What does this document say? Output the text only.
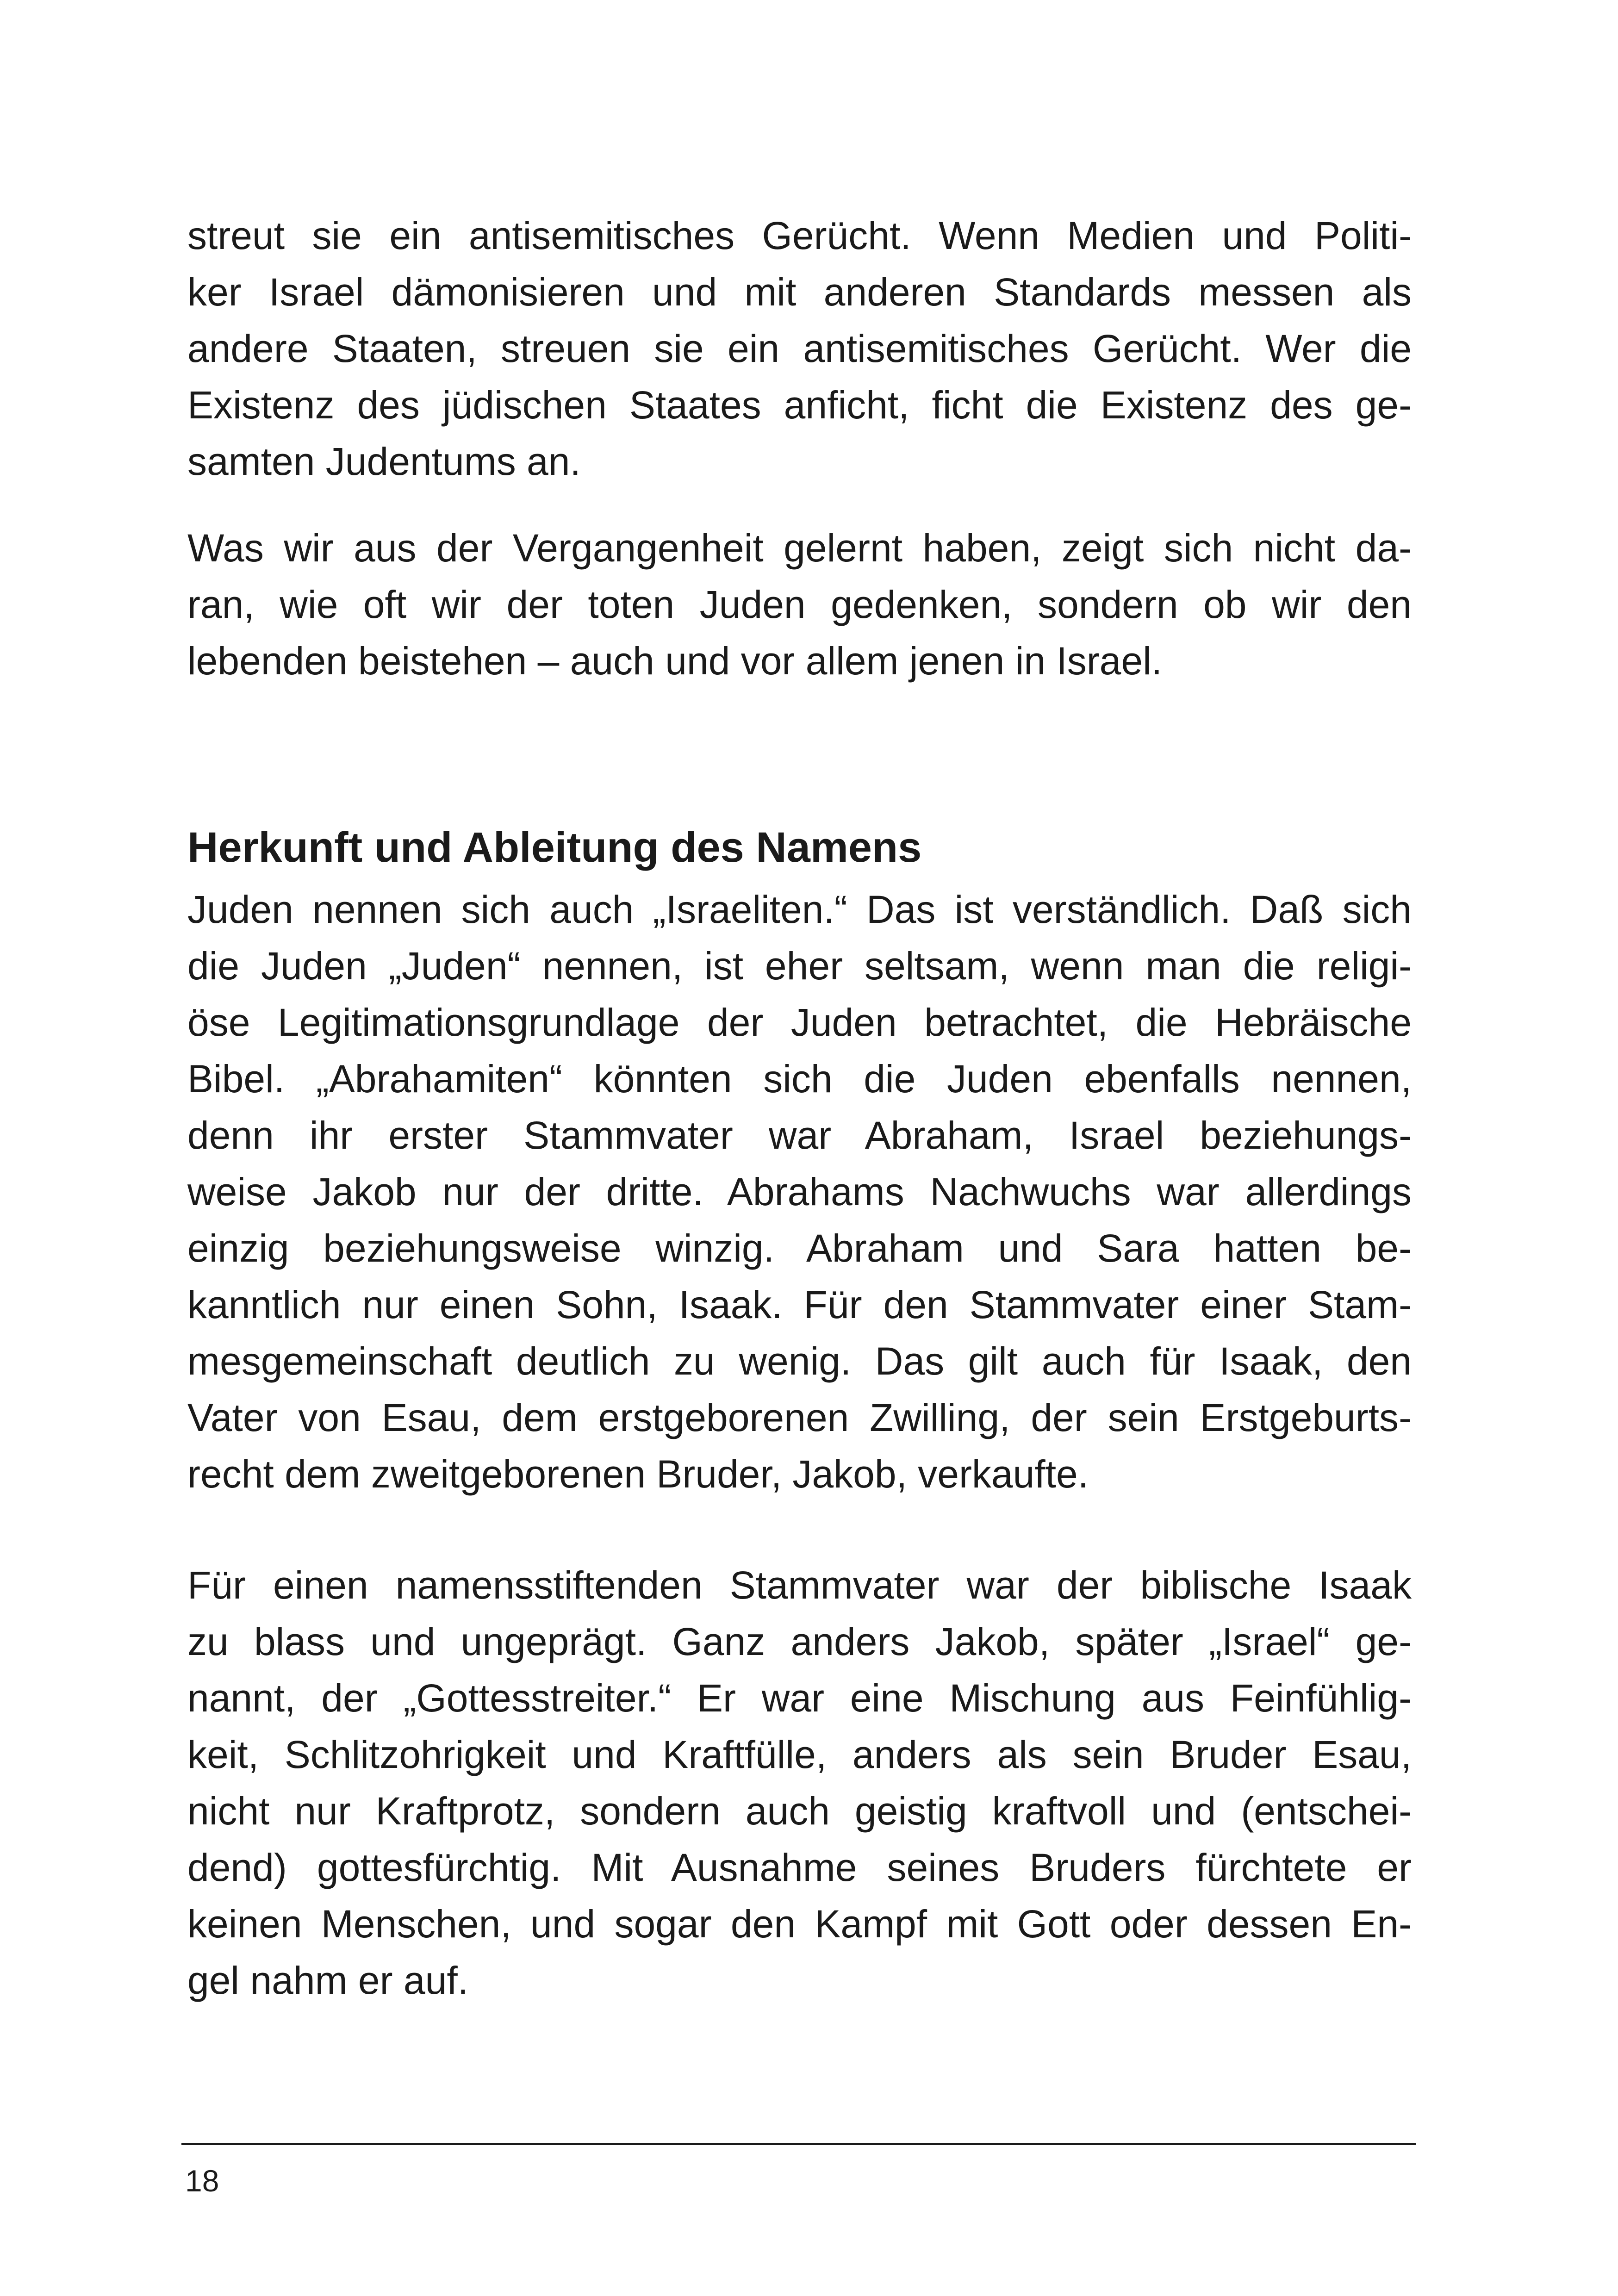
streut sie ein antisemitisches Gerücht. Wenn Medien und Politi-
ker Israel dämonisieren und mit anderen Standards messen als
andere Staaten, streuen sie ein antisemitisches Gerücht. Wer die
Existenz des jüdischen Staates anficht, ficht die Existenz des ge-
samten Judentums an.

Was wir aus der Vergangenheit gelernt haben, zeigt sich nicht da-
ran, wie oft wir der toten Juden gedenken, sondern ob wir den
lebenden beistehen – auch und vor allem jenen in Israel.

Herkunft und Ableitung des Namens

Juden nennen sich auch „Israeliten.“ Das ist verständlich. Daß sich
die Juden „Juden“ nennen, ist eher seltsam, wenn man die religi-
öse Legitimationsgrundlage der Juden betrachtet, die Hebräische
Bibel. „Abrahamiten“ könnten sich die Juden ebenfalls nennen,
denn ihr erster Stammvater war Abraham, Israel beziehungs-
weise Jakob nur der dritte. Abrahams Nachwuchs war allerdings
einzig beziehungsweise winzig. Abraham und Sara hatten be-
kanntlich nur einen Sohn, Isaak. Für den Stammvater einer Stam-
mesgemeinschaft deutlich zu wenig. Das gilt auch für Isaak, den
Vater von Esau, dem erstgeborenen Zwilling, der sein Erstgeburts-
recht dem zweitgeborenen Bruder, Jakob, verkaufte.

Für einen namensstiftenden Stammvater war der biblische Isaak
zu blass und ungeprägt. Ganz anders Jakob, später „Israel“ ge-
nannt, der „Gottesstreiter.“ Er war eine Mischung aus Feinfühlig-
keit, Schlitzohrigkeit und Kraftfülle, anders als sein Bruder Esau,
nicht nur Kraftprotz, sondern auch geistig kraftvoll und (entschei-
dend) gottesfürchtig. Mit Ausnahme seines Bruders fürchtete er
keinen Menschen, und sogar den Kampf mit Gott oder dessen En-
gel nahm er auf.

18
